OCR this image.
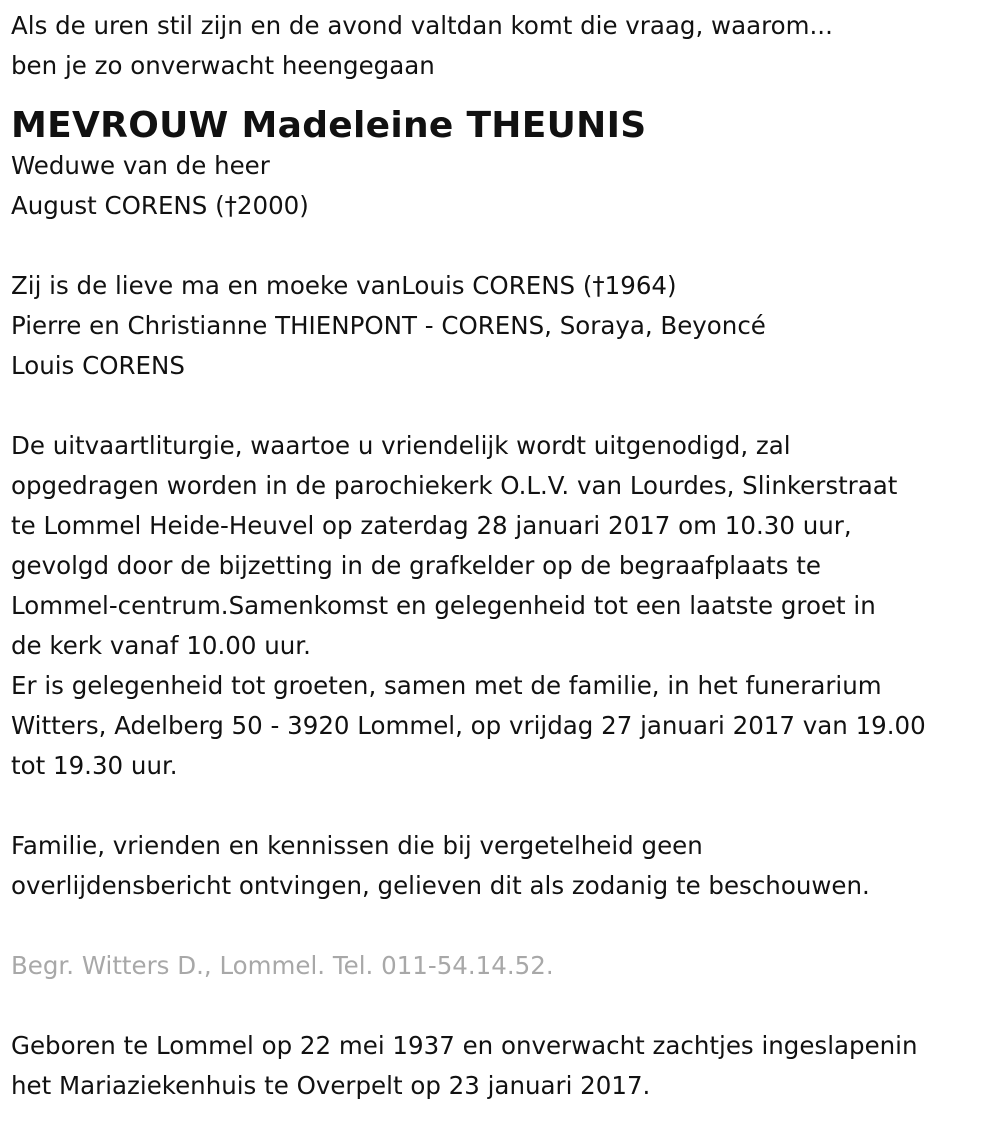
Als de uren stil zijn en de avond valtdan komt die vraag, waarom...
ben je zo onverwacht heengegaan
MEVROUW Madeleine THEUNIS
Weduwe van de heer
August CORENS (†2000)
Zij is de lieve ma en moeke vanLouis CORENS (†1964)
Pierre en Christianne THIENPONT - CORENS, Soraya, Beyoncé
Louis CORENS
De uitvaartliturgie, waartoe u vriendelijk wordt uitgenodigd, zal
opgedragen worden in de parochiekerk O.L.V. van Lourdes, Slinkerstraat
te Lommel Heide-Heuvel op zaterdag 28 januari 2017 om 10.30 uur,
gevolgd door de bijzetting in de grafkelder op de begraafplaats te
Lommel-centrum.Samenkomst en gelegenheid tot een laatste groet in
de kerk vanaf 10.00 uur.
Er is gelegenheid tot groeten, samen met de familie, in het funerarium
Witters, Adelberg 50 - 3920 Lommel, op vrijdag 27 januari 2017 van 19.00
tot 19.30 uur.
Familie, vrienden en kennissen die bij vergetelheid geen
overlijdensbericht ontvingen, gelieven dit als zodanig te beschouwen.
Begr. Witters D., Lommel. Tel. 011-54.14.52.
Geboren te Lommel op 22 mei 1937 en onverwacht zachtjes ingeslapenin
het Mariaziekenhuis te Overpelt op 23 januari 2017.
